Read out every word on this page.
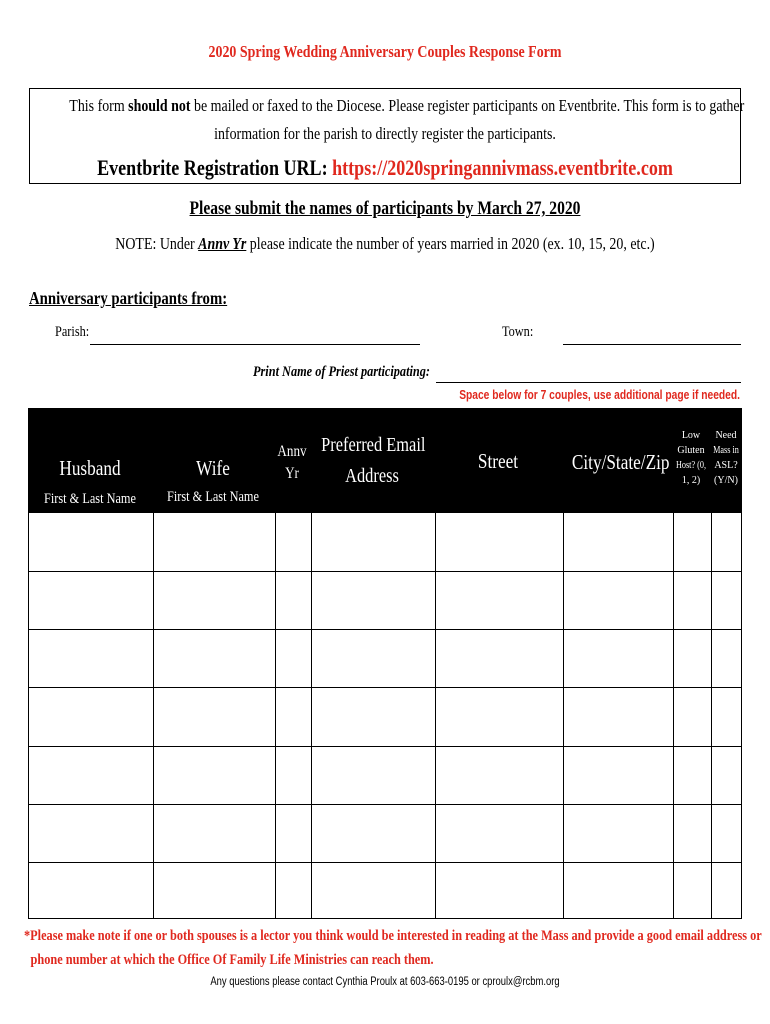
2020 Spring Wedding Anniversary Couples Response Form
This form should not be mailed or faxed to the Diocese. Please register participants on Eventbrite. This form is to gather
information for the parish to directly register the participants.
Eventbrite Registration URL: https://2020springannivmass.eventbrite.com
Please submit the names of participants by March 27, 2020
NOTE: Under Annv Yr please indicate the number of years married in 2020 (ex. 10, 15, 20, etc.)
Anniversary participants from:
Parish:	Town:
Print Name of Priest participating:
Space below for 7 couples, use additional page if needed.
Husband
First & Last Name
Wife
First & Last Name
Annv
Yr
Preferred Email
Address
Street	City/State/Zip
Low
Gluten
Host? (0,
1, 2)
Need
Mass in
ASL?
(Y/N)
*Please make note if one or both spouses is a lector you think would be interested in reading at the Mass and provide a good email address or
phone number at which the Office Of Family Life Ministries can reach them.
Any questions please contact Cynthia Proulx at 603-663-0195 or cproulx@rcbm.org
